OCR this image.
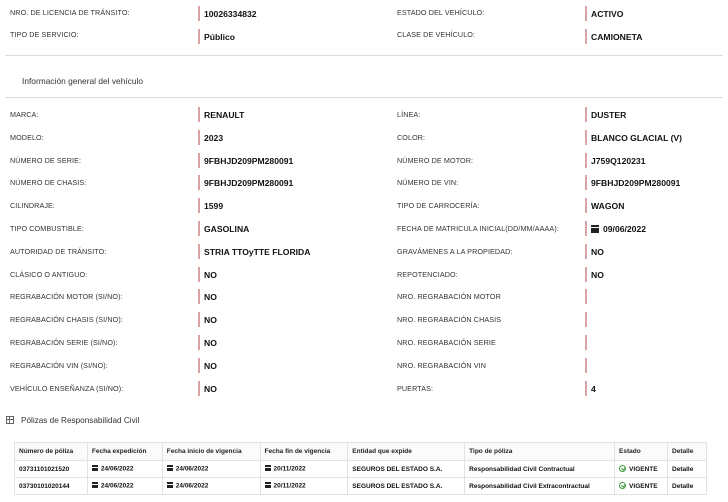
NRO. DE LICENCIA DE TRÁNSITO:	10026334832	ESTADO DEL VEHÍCULO:	ACTIVO
TIPO DE SERVICIO:	Público	CLASE DE VEHÍCULO:	CAMIONETA
Información general del vehículo
MARCA:	RENAULT	LÍNEA:	DUSTER
MODELO:	2023	COLOR:	BLANCO GLACIAL (V)
NÚMERO DE SERIE:	9FBHJD209PM280091	NÚMERO DE MOTOR:	J759Q120231
NÚMERO DE CHASIS:	9FBHJD209PM280091	NÚMERO DE VIN:	9FBHJD209PM280091
CILINDRAJE:	1599	TIPO DE CARROCERÍA:	WAGON
TIPO COMBUSTIBLE:	GASOLINA	FECHA DE MATRICULA INICIAL(DD/MM/AAAA):	09/06/2022
AUTORIDAD DE TRÁNSITO:	STRIA TTOyTTE FLORIDA	GRAVÁMENES A LA PROPIEDAD:	NO
CLÁSICO O ANTIGUO:	NO	REPOTENCIADO:	NO
REGRABACIÓN MOTOR (SI/NO):	NO	NRO. REGRABACIÓN MOTOR
REGRABACIÓN CHASIS (SI/NO):	NO	NRO. REGRABACIÓN CHASIS
REGRABACIÓN SERIE (SI/NO):	NO	NRO. REGRABACIÓN SERIE
REGRABACIÓN VIN (SI/NO):	NO	NRO. REGRABACIÓN VIN
VEHÍCULO ENSEÑANZA (SI/NO):	NO	PUERTAS:	4
Pólizas de Responsabilidad Civil
Número de póliza	Fecha expedición	Fecha inicio de vigencia	Fecha fin de vigencia	Entidad que expide	Tipo de póliza	Estado	Detalle
03731101021520	24/06/2022	24/06/2022	20/11/2022	SEGUROS DEL ESTADO S.A.	Responsabilidad Civil Contractual	VIGENTE	Detalle
03730101020144	24/06/2022	24/06/2022	20/11/2022	SEGUROS DEL ESTADO S.A.	Responsabilidad Civil Extracontractual	VIGENTE	Detalle
